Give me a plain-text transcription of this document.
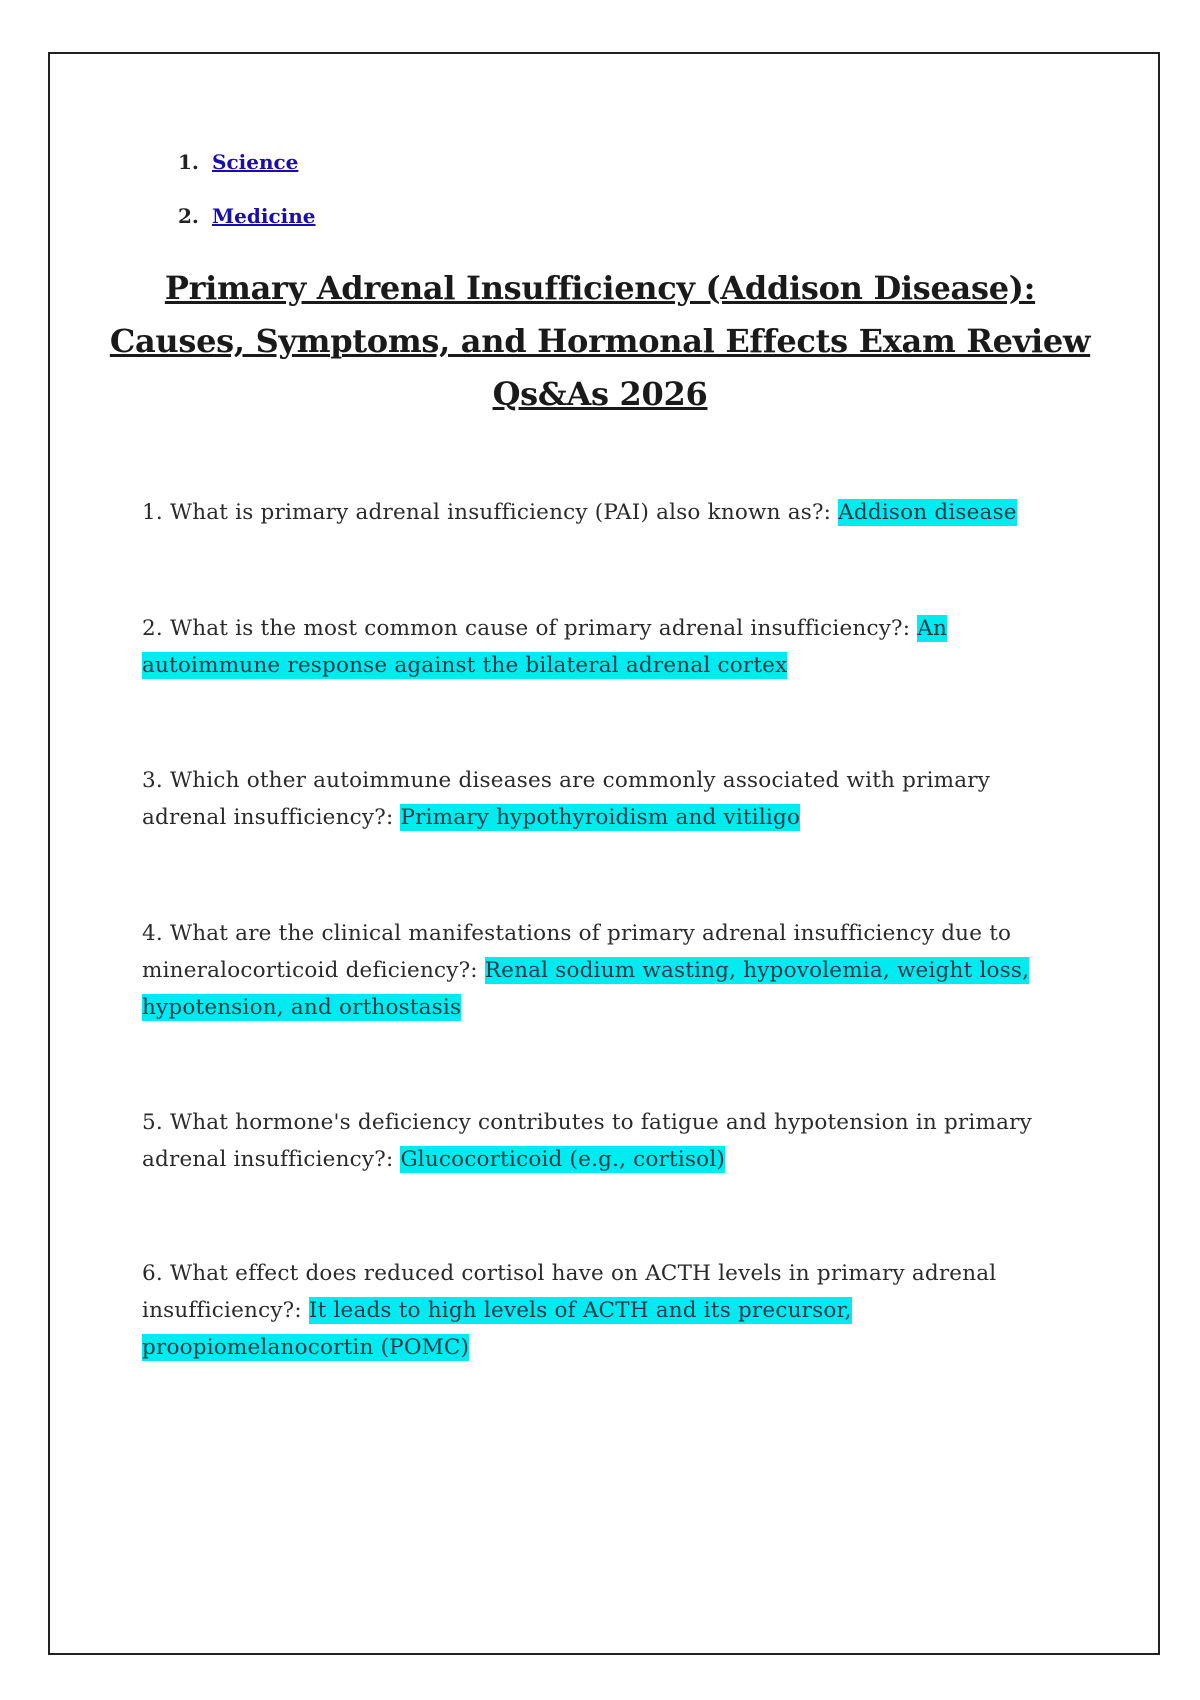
1. Science
2. Medicine
Primary Adrenal Insufficiency (Addison Disease):
Causes, Symptoms, and Hormonal Effects Exam Review
Qs&As 2026

1. What is primary adrenal insufficiency (PAI) also known as?: Addison disease

2. What is the most common cause of primary adrenal insufficiency?: An autoimmune response against the bilateral adrenal cortex

3. Which other autoimmune diseases are commonly associated with primary adrenal insufficiency?: Primary hypothyroidism and vitiligo

4. What are the clinical manifestations of primary adrenal insufficiency due to mineralocorticoid deficiency?: Renal sodium wasting, hypovolemia, weight loss, hypotension, and orthostasis

5. What hormone's deficiency contributes to fatigue and hypotension in primary adrenal insufficiency?: Glucocorticoid (e.g., cortisol)

6. What effect does reduced cortisol have on ACTH levels in primary adrenal insufficiency?: It leads to high levels of ACTH and its precursor, proopiomelanocortin (POMC)
